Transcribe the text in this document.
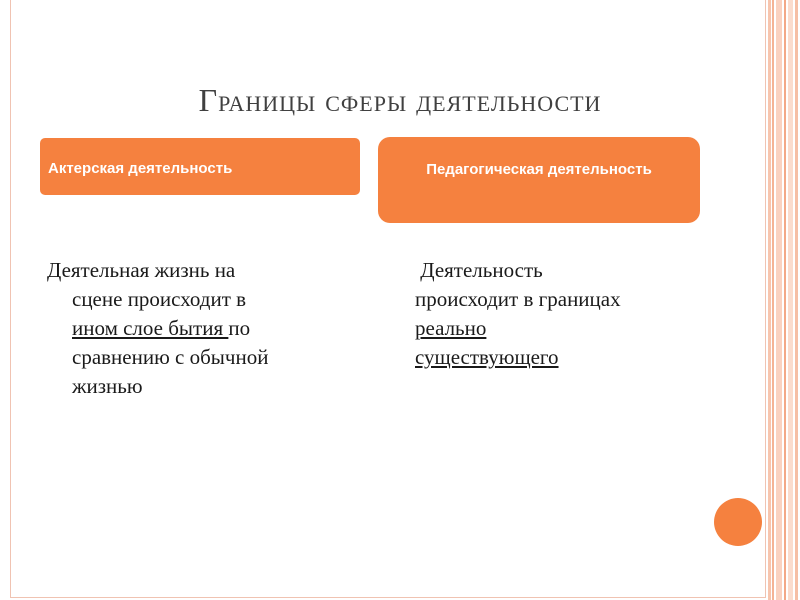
Границы сферы деятельности
Актерская деятельность	Педагогическая деятельность
Деятельная жизнь на
сцене происходит в
ином слое бытия по
сравнению с обычной
жизнью
Деятельность
происходит в границах
реально
существующего
